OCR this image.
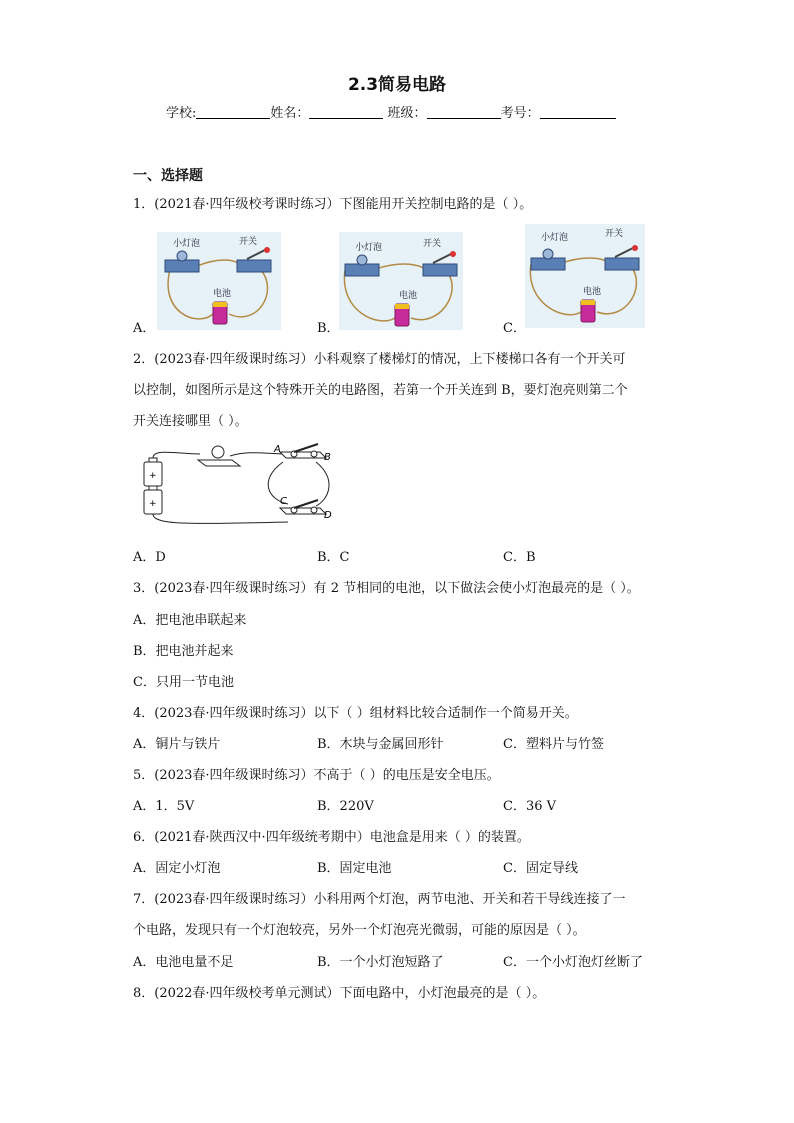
2.3简易电路
学校:	姓名：	班级：	考号：
一、选择题
1．(2021春·四年级校考课时练习）下图能用开关控制电路的是（ ）。
小灯泡	开关
电池
小灯泡	开关
电池
小灯泡	开关
电池
A．	B．	C．
2．(2023春·四年级课时练习）小科观察了楼梯灯的情况，上下楼梯口各有一个开关可
以控制，如图所示是这个特殊开关的电路图，若第一个开关连到 B，要灯泡亮则第二个
开关连接哪里（ ）。
+
+
A
B
C
D
A．D	B．C	C．B
3．(2023春·四年级课时练习）有 2 节相同的电池，以下做法会使小灯泡最亮的是（ ）。
A．把电池串联起来
B．把电池并起来
C．只用一节电池
4．(2023春·四年级课时练习）以下（ ）组材料比较合适制作一个简易开关。
A．铜片与铁片	B．木块与金属回形针	C．塑料片与竹签
5．(2023春·四年级课时练习）不高于（ ）的电压是安全电压。
A．1．5V	B．220V	C．36 V
6．(2021春·陕西汉中·四年级统考期中）电池盒是用来（ ）的装置。
A．固定小灯泡	B．固定电池	C．固定导线
7．(2023春·四年级课时练习）小科用两个灯泡，两节电池、开关和若干导线连接了一
个电路，发现只有一个灯泡较亮，另外一个灯泡亮光微弱，可能的原因是（ ）。
A．电池电量不足	B．一个小灯泡短路了	C．一个小灯泡灯丝断了
8．(2022春·四年级校考单元测试）下面电路中，小灯泡最亮的是（ ）。
